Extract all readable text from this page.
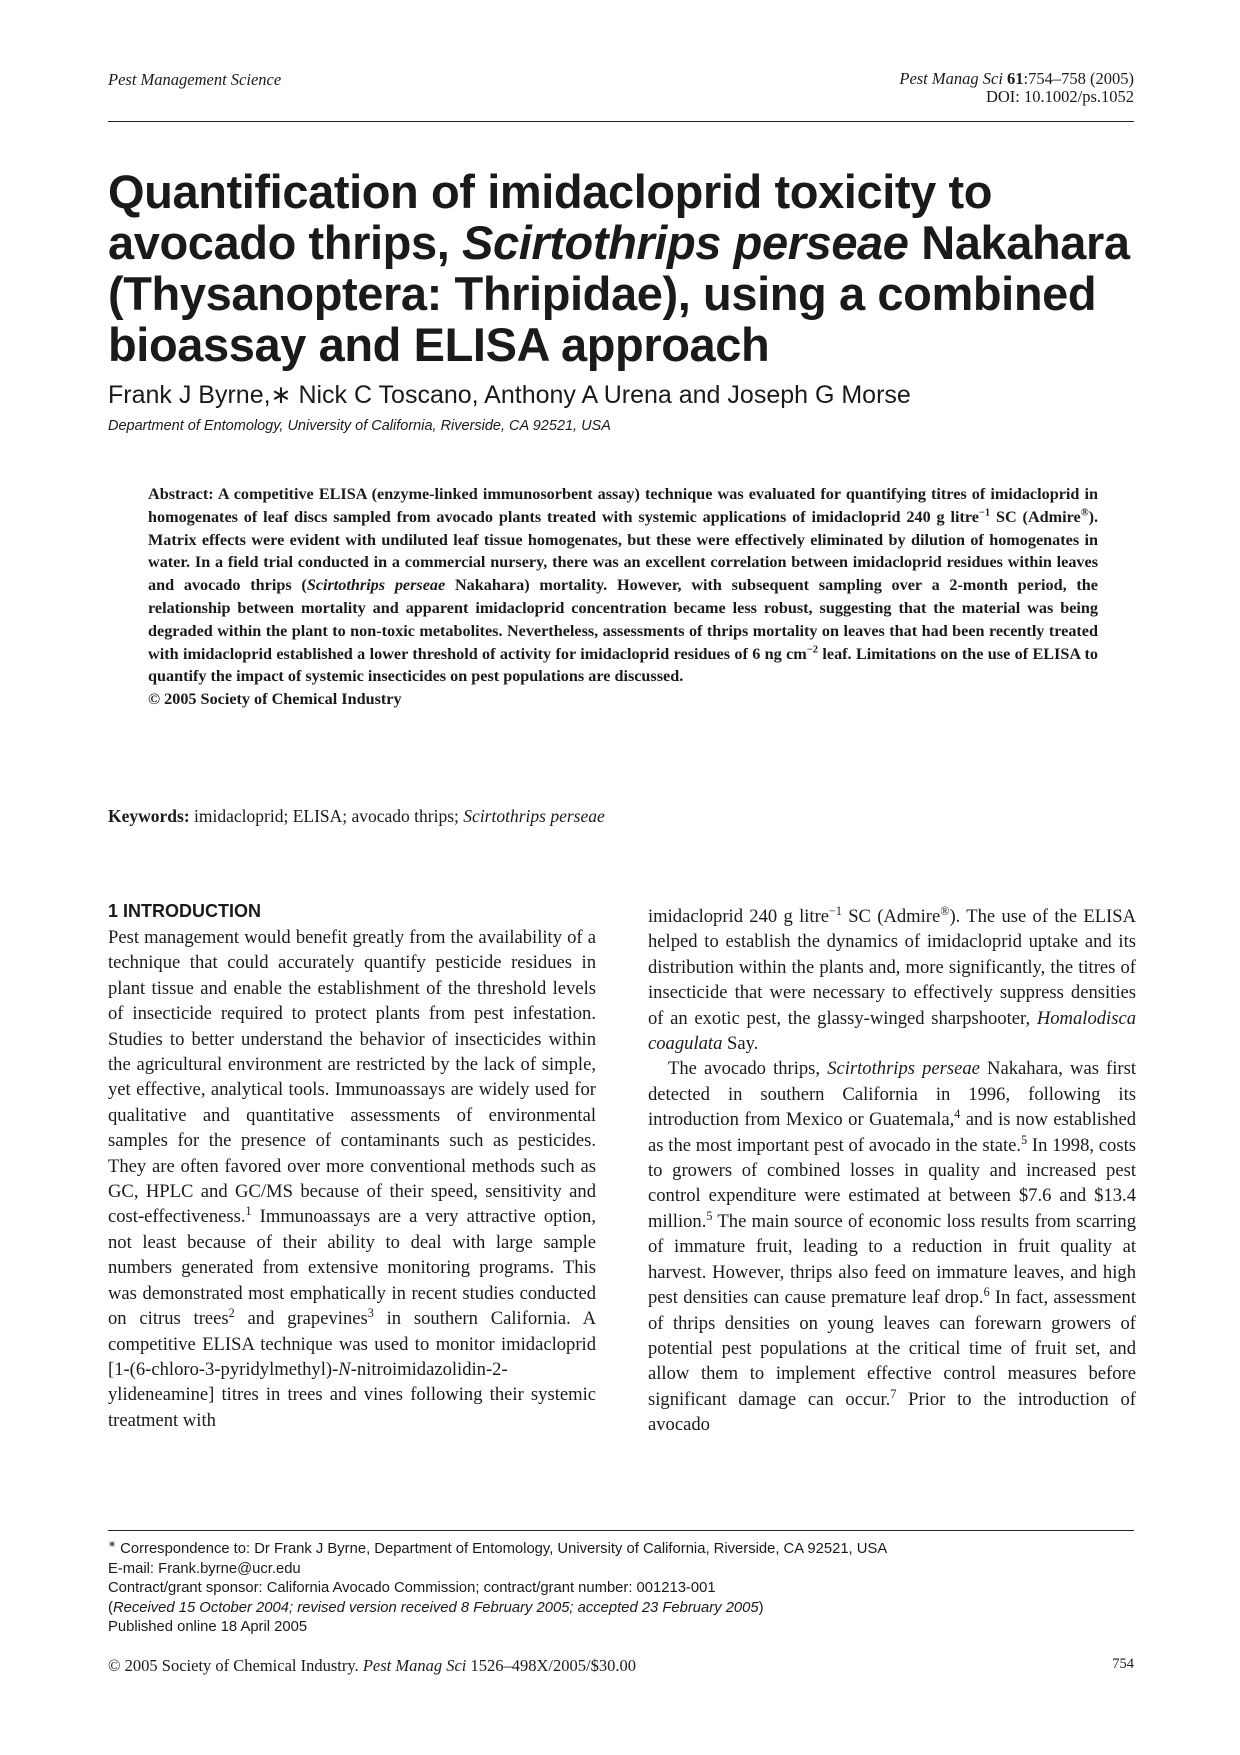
Pest Management Science	Pest Manag Sci 61:754–758 (2005)
DOI: 10.1002/ps.1052
Quantification of imidacloprid toxicity to avocado thrips, Scirtothrips perseae Nakahara (Thysanoptera: Thripidae), using a combined bioassay and ELISA approach
Frank J Byrne,∗ Nick C Toscano, Anthony A Urena and Joseph G Morse
Department of Entomology, University of California, Riverside, CA 92521, USA

Abstract: A competitive ELISA (enzyme-linked immunosorbent assay) technique was evaluated for quantifying titres of imidacloprid in homogenates of leaf discs sampled from avocado plants treated with systemic applications of imidacloprid 240 g litre$^{-1}$ SC (Admire®). Matrix effects were evident with undiluted leaf tissue homogenates, but these were effectively eliminated by dilution of homogenates in water. In a field trial conducted in a commercial nursery, there was an excellent correlation between imidacloprid residues within leaves and avocado thrips (Scirtothrips perseae Nakahara) mortality. However, with subsequent sampling over a 2-month period, the relationship between mortality and apparent imidacloprid concentration became less robust, suggesting that the material was being degraded within the plant to non-toxic metabolites. Nevertheless, assessments of thrips mortality on leaves that had been recently treated with imidacloprid established a lower threshold of activity for imidacloprid residues of 6 ng $cm^{-2}$ leaf. Limitations on the use of ELISA to quantify the impact of systemic insecticides on pest populations are discussed.

© 2005 Society of Chemical Industry

Keywords: imidacloprid; ELISA; avocado thrips; Scirtothrips perseae
1 INTRODUCTION

Pest management would benefit greatly from the availability of a technique that could accurately quantify pesticide residues in plant tissue and enable the establishment of the threshold levels of insecticide required to protect plants from pest infestation. Studies to better understand the behavior of insecticides within the agricultural environment are restricted by the lack of simple, yet effective, analytical tools. Immunoassays are widely used for qualitative and quantitative assessments of environmental samples for the presence of contaminants such as pesticides. They are often favored over more conventional methods such as GC, HPLC and GC/MS because of their speed, sensitivity and cost-effectiveness.$^1$ Immunoassays are a very attractive option, not least because of their ability to deal with large sample numbers generated from extensive monitoring programs. This was demonstrated most emphatically in recent studies conducted on citrus trees$^2$ and grapevines$^3$ in southern California. A competitive ELISA technique was used to monitor imidacloprid [1-(6-chloro-3-pyridylmethyl)-N-nitroimidazolidin-2-ylideneamine] titres in trees and vines following their systemic treatment with

imidacloprid 240 g litre$^{-1}$ SC (Admire®). The use of the ELISA helped to establish the dynamics of imidacloprid uptake and its distribution within the plants and, more significantly, the titres of insecticide that were necessary to effectively suppress densities of an exotic pest, the glassy-winged sharpshooter, Homalodisca coagulata Say.

The avocado thrips, Scirtothrips perseae Nakahara, was first detected in southern California in 1996, following its introduction from Mexico or Guatemala,$^4$ and is now established as the most important pest of avocado in the state.$^5$ In 1998, costs to growers of combined losses in quality and increased pest control expenditure were estimated at between $7.6 and $13.4 million.$^5$ The main source of economic loss results from scarring of immature fruit, leading to a reduction in fruit quality at harvest. However, thrips also feed on immature leaves, and high pest densities can cause premature leaf drop.$^6$ In fact, assessment of thrips densities on young leaves can forewarn growers of potential pest populations at the critical time of fruit set, and allow them to implement effective control measures before significant damage can occur.$^7$ Prior to the introduction of avocado

∗ Correspondence to: Dr Frank J Byrne, Department of Entomology, University of California, Riverside, CA 92521, USA
E-mail: Frank.byrne@ucr.edu
Contract/grant sponsor: California Avocado Commission; contract/grant number: 001213-001
(Received 15 October 2004; revised version received 8 February 2005; accepted 23 February 2005)
Published online 18 April 2005
© 2005 Society of Chemical Industry. Pest Manag Sci 1526–498X/2005/$30.00	754
